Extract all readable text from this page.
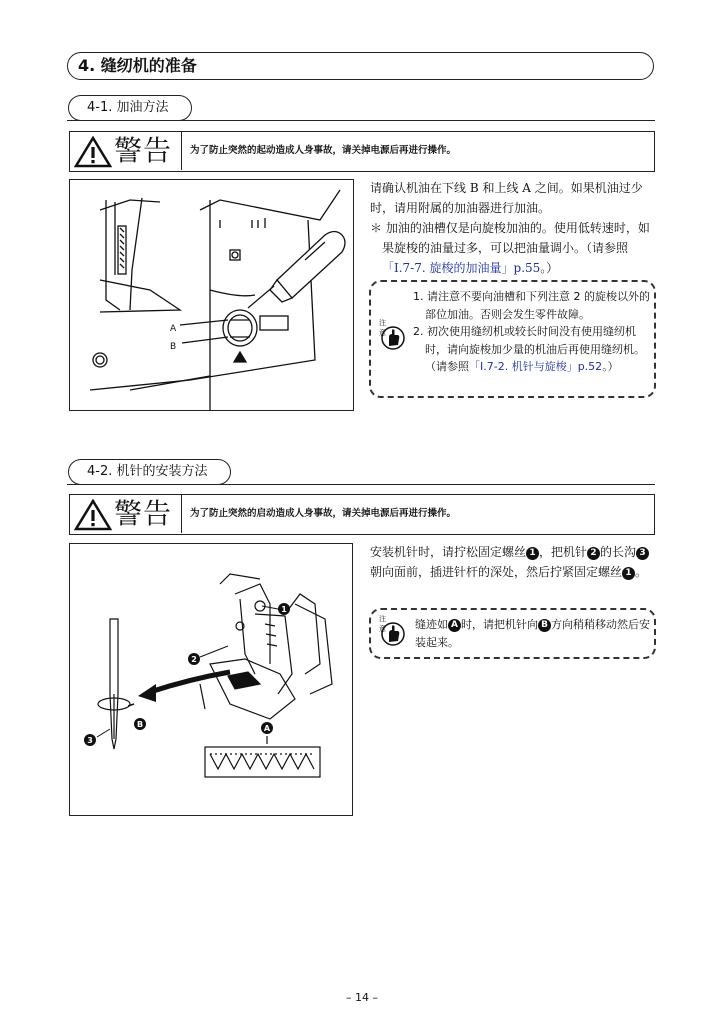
4. 缝纫机的准备
4-1. 加油方法
警告 为了防止突然的起动造成人身事故，请关掉电源后再进行操作。
A
B
请确认机油在下线 B 和上线 A 之间。如果机油过少时，请用附属的加油器进行加油。
＊ 加油的油槽仅是向旋梭加油的。使用低转速时，如果旋梭的油量过多，可以把油量调小。（请参照「I.7-7. 旋梭的加油量」p.55。）
注意
1. 请注意不要向油槽和下列注意 2 的旋梭以外的部位加油。否则会发生零件故障。
2. 初次使用缝纫机或较长时间没有使用缝纫机时，请向旋梭加少量的机油后再使用缝纫机。（请参照「I.7-2. 机针与旋梭」p.52。）
4-2. 机针的安装方法
警告 为了防止突然的启动造成人身事故，请关掉电源后再进行操作。
1
2
3
A
B
安装机针时，请拧松固定螺丝 1 ，把机针 2 的长沟 3朝向面前，插进针杆的深处，然后拧紧固定螺丝 1 。
注意	缝迹如 A 时，请把机针向 B 方向稍稍移动然后安装起来。
– 14 –
